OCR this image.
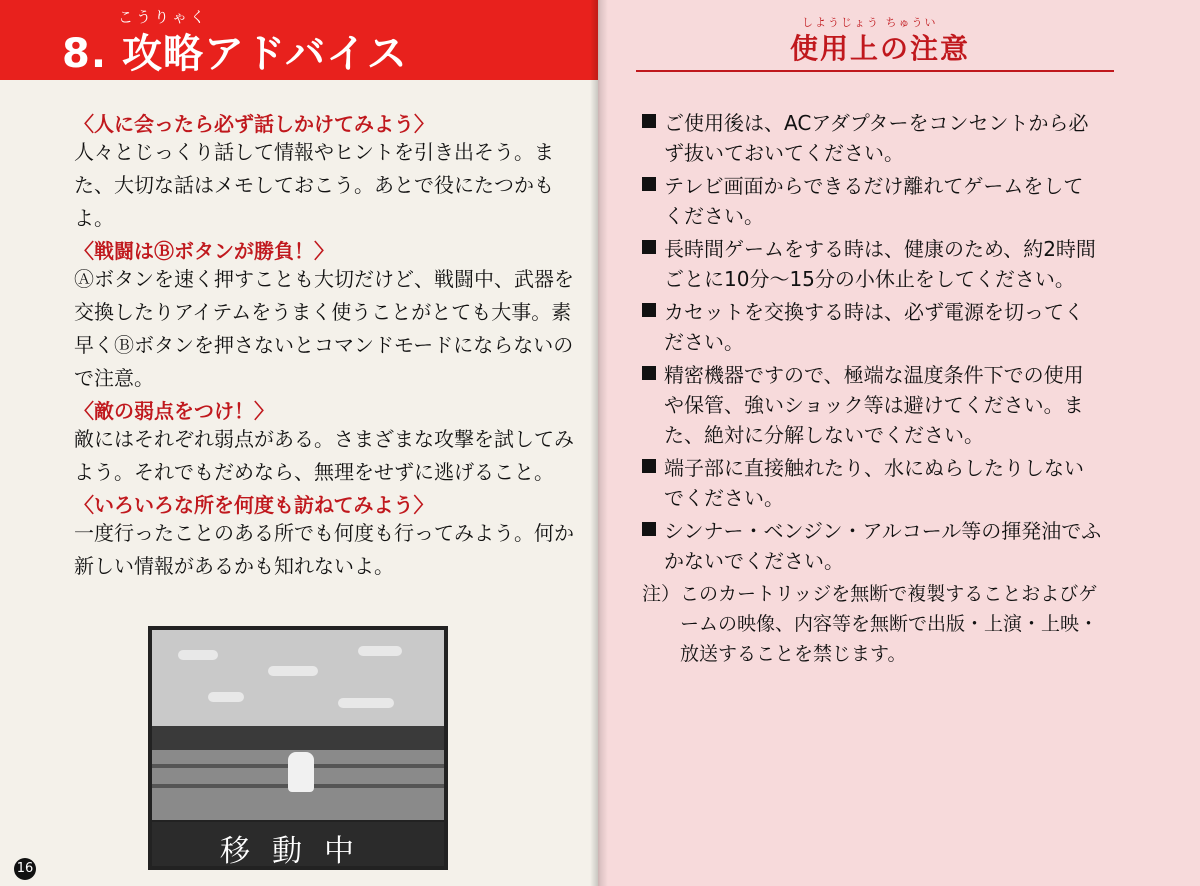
こうりゃく
8. 攻略アドバイス

〈人に会ったら必ず話しかけてみよう〉

人々とじっくり話して情報やヒントを引き出そう。また、大切な話はメモしておこう。あとで役にたつかもよ。

〈戦闘はⒷボタンが勝負！〉

Ⓐボタンを速く押すことも大切だけど、戦闘中、武器を交換したりアイテムをうまく使うことがとても大事。素早くⒷボタンを押さないとコマンドモードにならないので注意。

〈敵の弱点をつけ！〉

敵にはそれぞれ弱点がある。さまざまな攻撃を試してみよう。それでもだめなら、無理をせずに逃げること。

〈いろいろな所を何度も訪ねてみよう〉

一度行ったことのある所でも何度も行ってみよう。何か新しい情報があるかも知れないよ。

移動中
16
しようじょう ちゅうい
使用上の注意

ご使用後は、ACアダプターをコンセントから必ず抜いておいてください。

テレビ画面からできるだけ離れてゲームをしてください。

長時間ゲームをする時は、健康のため、約2時間ごとに10分〜15分の小休止をしてください。

カセットを交換する時は、必ず電源を切ってください。

精密機器ですので、極端な温度条件下での使用や保管、強いショック等は避けてください。また、絶対に分解しないでください。

端子部に直接触れたり、水にぬらしたりしないでください。

シンナー・ベンジン・アルコール等の揮発油でふかないでください。

注） このカートリッジを無断で複製することおよびゲームの映像、内容等を無断で出版・上演・上映・放送することを禁じます。
